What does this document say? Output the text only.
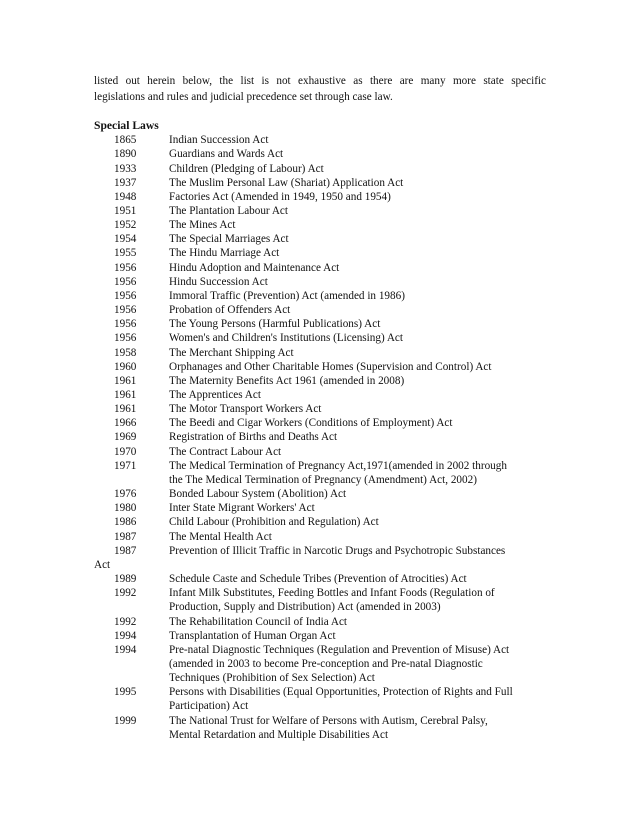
listed out herein below, the list is not exhaustive as there are many more state specific
legislations and rules and judicial precedence set through case law.

Special Laws
1865	Indian Succession Act
1890	Guardians and Wards Act
1933	Children (Pledging of Labour) Act
1937	The Muslim Personal Law (Shariat) Application Act
1948	Factories Act (Amended in 1949, 1950 and 1954)
1951	The Plantation Labour Act
1952	The Mines Act
1954	The Special Marriages Act
1955	The Hindu Marriage Act
1956	Hindu Adoption and Maintenance Act
1956	Hindu Succession Act
1956	Immoral Traffic (Prevention) Act (amended in 1986)
1956	Probation of Offenders Act
1956	The Young Persons (Harmful Publications) Act
1956	Women's and Children's Institutions (Licensing) Act
1958	The Merchant Shipping Act
1960	Orphanages and Other Charitable Homes (Supervision and Control) Act
1961	The Maternity Benefits Act 1961 (amended in 2008)
1961	The Apprentices Act
1961	The Motor Transport Workers Act
1966	The Beedi and Cigar Workers (Conditions of Employment) Act
1969	Registration of Births and Deaths Act
1970	The Contract Labour Act
1971	The Medical Termination of Pregnancy Act,1971(amended in 2002 through
the The Medical Termination of Pregnancy (Amendment) Act, 2002)
1976	Bonded Labour System (Abolition) Act
1980	Inter State Migrant Workers' Act
1986	Child Labour (Prohibition and Regulation) Act
1987	The Mental Health Act
1987	Prevention of Illicit Traffic in Narcotic Drugs and Psychotropic Substances
Act
1989	Schedule Caste and Schedule Tribes (Prevention of Atrocities) Act
1992	Infant Milk Substitutes, Feeding Bottles and Infant Foods (Regulation of
Production, Supply and Distribution) Act (amended in 2003)
1992	The Rehabilitation Council of India Act
1994	Transplantation of Human Organ Act
1994	Pre-natal Diagnostic Techniques (Regulation and Prevention of Misuse) Act
(amended in 2003 to become Pre-conception and Pre-natal Diagnostic
Techniques (Prohibition of Sex Selection) Act
1995	Persons with Disabilities (Equal Opportunities, Protection of Rights and Full
Participation) Act
1999	The National Trust for Welfare of Persons with Autism, Cerebral Palsy,
Mental Retardation and Multiple Disabilities Act
